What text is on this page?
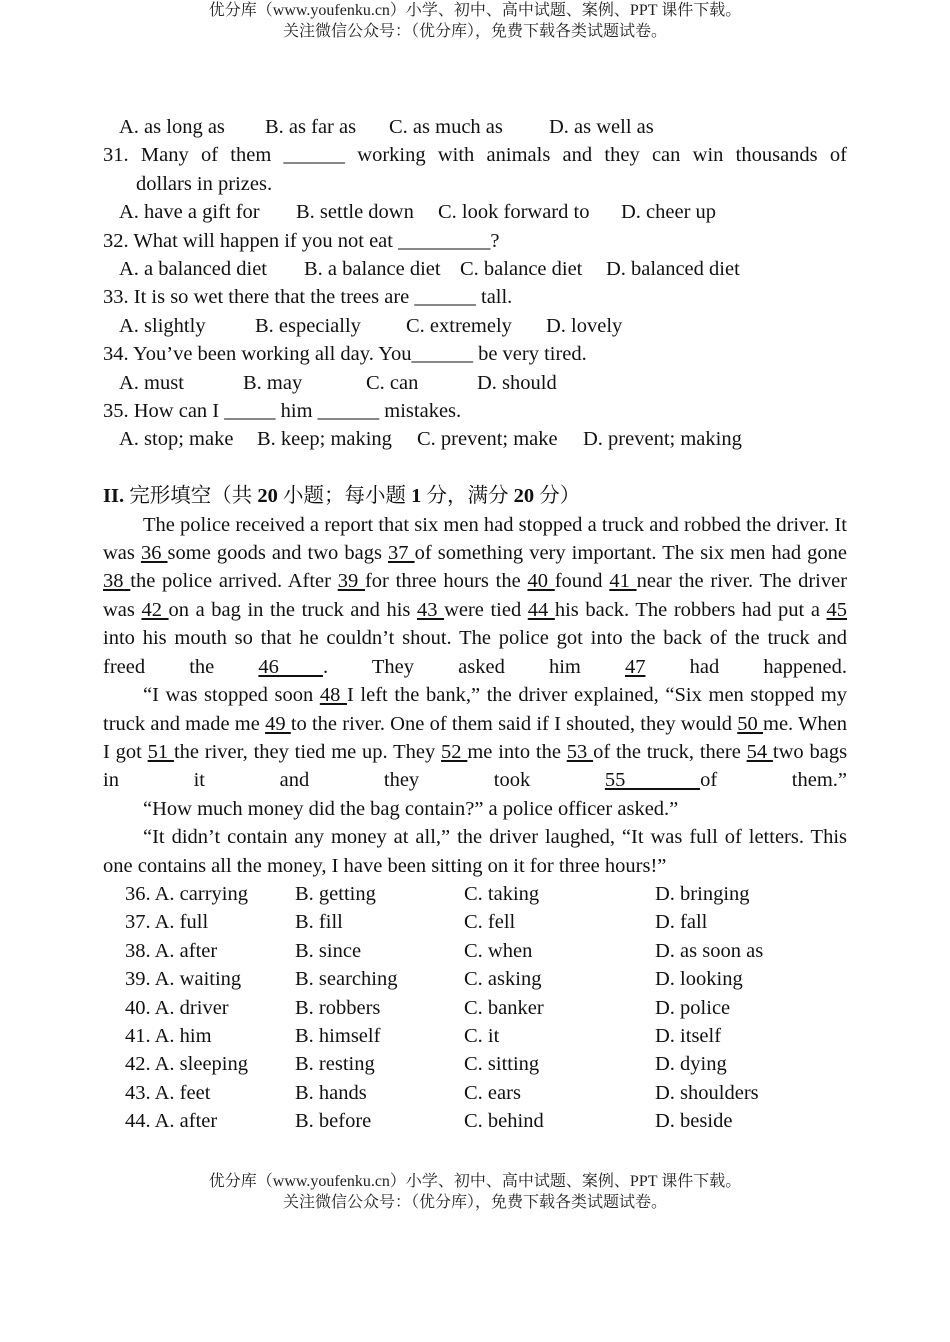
优分库（www.youfenku.cn）小学、初中、高中试题、案例、PPT 课件下载。
关注微信公众号：（优分库），免费下载各类试题试卷。
A. as long as B. as far as C. as much as D. as well as
31. Many of them ______ working with animals and they can win thousands of
dollars in prizes.
A. have a gift for B. settle down C. look forward to D. cheer up
32. What will happen if you not eat _________?
A. a balanced diet B. a balance diet C. balance diet D. balanced diet
33. It is so wet there that the trees are ______ tall.
A. slightly B. especially C. extremely D. lovely
34. You’ve been working all day. You______ be very tired.
A. must	B. may	C. can	D. should
35. How can I _____ him ______ mistakes.
A. stop; make B. keep; making C. prevent; make D. prevent; making
II. 完形填空（共 20 小题；每小题 1 分，满分 20 分）
The police received a report that six men had stopped a truck and robbed the driver. It was 36 some goods and two bags 37 of something very important. The six men had gone 38 the police arrived. After 39 for three hours the 40 found 41 near the river. The driver was 42 on a bag in the truck and his 43 were tied 44 his back. The robbers had put a 45 into his mouth so that he couldn’t shout. The police got into the back of the truck and freed the 46 . They asked him 47 had happened.
“I was stopped soon 48 I left the bank,” the driver explained, “Six men stopped my truck and made me 49 to the river. One of them said if I shouted, they would 50 me. When I got 51 the river, they tied me up. They 52 me into the 53 of the truck, there 54 two bags in it and they took 55 of them.”
“How much money did the bag contain?” a police officer asked.”
“It didn’t contain any money at all,” the driver laughed, “It was full of letters. This one contains all the money, I have been sitting on it for three hours!”
36. A. carrying	B. getting	C. taking	D. bringing
37. A. full	B. fill	C. fell	D. fall
38. A. after	B. since	C. when	D. as soon as
39. A. waiting	B. searching	C. asking	D. looking
40. A. driver	B. robbers	C. banker	D. police
41. A. him	B. himself	C. it	D. itself
42. A. sleeping	B. resting	C. sitting	D. dying
43. A. feet	B. hands	C. ears	D. shoulders
44. A. after	B. before	C. behind	D. beside
优分库（www.youfenku.cn）小学、初中、高中试题、案例、PPT 课件下载。
关注微信公众号：（优分库），免费下载各类试题试卷。
